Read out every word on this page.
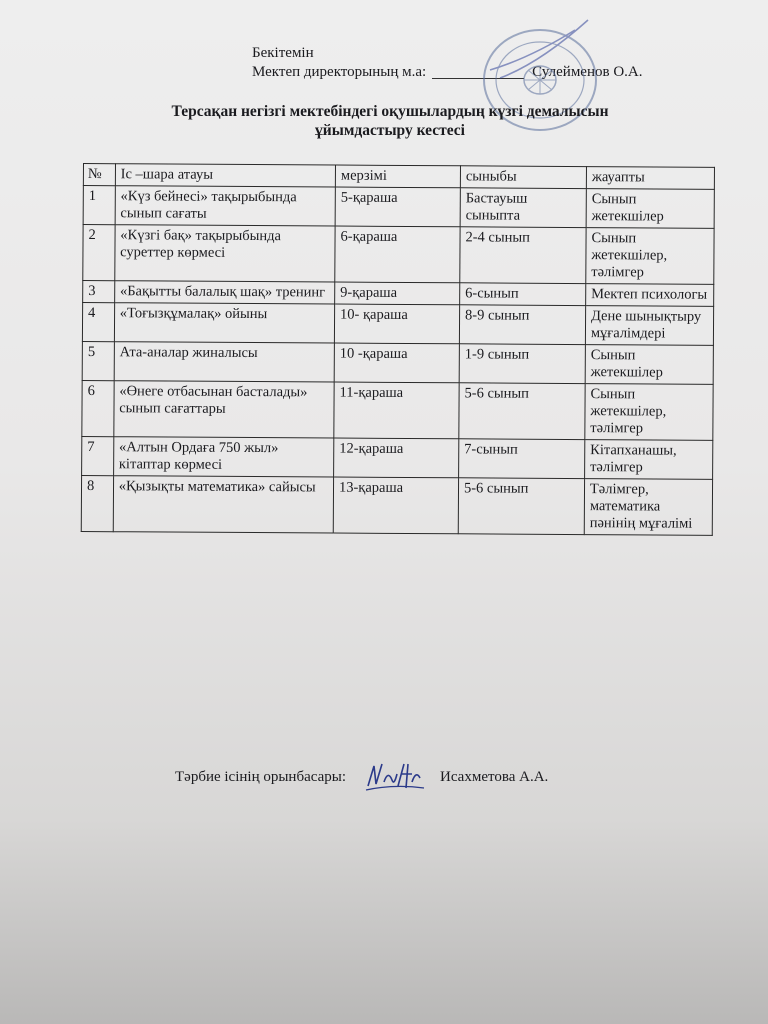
Бекітемін
Мектеп директорының м.а:	Сулейменов О.А.
Терсақан негізгі мектебіндегі оқушылардың күзгі демалысын
ұйымдастыру кестесі
№	Іс –шара атауы	мерзімі	сыныбы	жауапты
1	«Күз бейнесі» тақырыбында сынып сағаты	5-қараша	Бастауыш сыныпта	Сынып жетекшілер
2	«Күзгі бақ» тақырыбында суреттер көрмесі	6-қараша	2-4 сынып	Сынып жетекшілер, тәлімгер
3	«Бақытты балалық шақ» тренинг	9-қараша	6-сынып	Мектеп психологы
4	«Тоғызқұмалақ» ойыны	10- қараша	8-9 сынып	Дене шынықтыру мұғалімдері
5	Ата-аналар жиналысы	10 -қараша	1-9 сынып	Сынып жетекшілер
6	«Өнеге отбасынан басталады» сынып сағаттары	11-қараша	5-6 сынып	Сынып жетекшілер, тәлімгер
7	«Алтын Ордаға 750 жыл» кітаптар көрмесі	12-қараша	7-сынып	Кітапханашы, тәлімгер
8	«Қызықты математика» сайысы	13-қараша	5-6 сынып	Тәлімгер, математика пәнінің мұғалімі
Тәрбие ісінің орынбасары:	Исахметова А.А.
